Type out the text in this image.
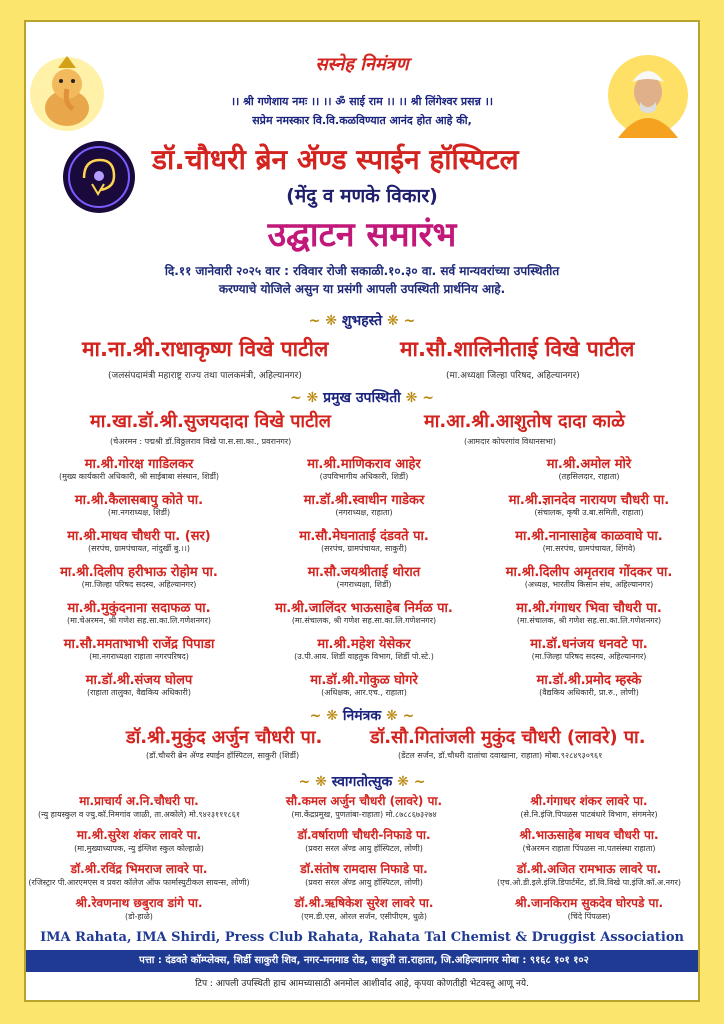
सस्नेह निमंत्रण
।। श्री गणेशाय नमः ।। ।। ॐ साई राम ।। ।। श्री लिंगेश्वर प्रसन्न ।।
सप्रेम नमस्कार वि.वि.कळविण्यात आनंद होत आहे की,
डॉ.चौधरी ब्रेन ॲण्ड स्पाईन हॉस्पिटल
(मेंदु व मणके विकार)
उद्घाटन समारंभ
दि.११ जानेवारी २०२५ वार : रविवार रोजी सकाळी.१०.३० वा. सर्व मान्यवरांच्या उपस्थितीत
करण्याचे योजिले असुन या प्रसंगी आपली उपस्थिती प्रार्थनिय आहे.
~ ❋ शुभहस्ते ❋ ~
मा.ना.श्री.राधाकृष्ण विखे पाटील
(जलसंपदामंत्री महाराष्ट्र राज्य तथा पालकमंत्री, अहिल्यानगर)
मा.सौ.शालिनीताई विखे पाटील
(मा.अध्यक्षा जिल्हा परिषद, अहिल्यानगर)
~ ❋ प्रमुख उपस्थिती ❋ ~
मा.खा.डॉ.श्री.सुजयदादा विखे पाटील
(चेअरमन : पद्मश्री डॉ.विठ्ठलराव विखे पा.स.सा.का., प्रवरानगर)
मा.आ.श्री.आशुतोष दादा काळे
(आमदार कोपरगांव विधानसभा)
मा.श्री.गोरक्ष गाडिलकर
(मुख्य कार्यकारी अधिकारी, श्री साईबाबा संस्थान, शिर्डी)
मा.श्री.माणिकराव आहेर
(उपविभागीय अधिकारी, शिर्डी)
मा.श्री.अमोल मोरे
(तहसिलदार, राहाता)
मा.श्री.कैलासबापु कोते पा.
(मा.नगराध्यक्ष, शिर्डी)
मा.डॉ.श्री.स्वाधीन गाडेकर
(नगराध्यक्ष, राहाता)
मा.श्री.ज्ञानदेव नारायण चौधरी पा.
(संचालक, कृषी उ.बा.समिती, राहाता)
मा.श्री.माधव चौधरी पा. (सर)
(सरपंच, ग्रामपंचायत, नांदुर्खी बु.।।)
मा.सौ.मेघनाताई दंडवते पा.
(सरपंच, ग्रामपंचायत, साकुरी)
मा.श्री.नानासाहेब काळवाघे पा.
(मा.सरपंच, ग्रामपंचायत, शिंगवे)
मा.श्री.दिलीप हरीभाऊ रोहोम पा.
(मा.जिल्हा परिषद सदस्य, अहिल्यानगर)
मा.सौ.जयश्रीताई थोरात
(नगराध्यक्षा, शिर्डी)
मा.श्री.दिलीप अमृतराव गोंदकर पा.
(अध्यक्ष, भारतीय किसान संघ, अहिल्यानगर)
मा.श्री.मुकुंदनाना सदाफळ पा.
(मा.चेअरमन, श्री गणेश सह.सा.का.लि.गणेशनगर)
मा.श्री.जालिंदर भाऊसाहेब निर्मळ पा.
(मा.संचालक, श्री गणेश सह.सा.का.लि.गणेशनगर)
मा.श्री.गंगाधर भिवा चौधरी पा.
(मा.संचालक, श्री गणेश सह.सा.का.लि.गणेशनगर)
मा.सौ.ममताभाभी राजेंद्र पिपाडा
(मा.नगराध्यक्षा राहाता नगरपरिषद)
मा.श्री.महेश येसेकर
(उ.पी.आय. शिर्डी वाहतुक विभाग, शिर्डी पो.स्टे.)
मा.डॉ.धनंजय धनवटे पा.
(मा.जिल्हा परिषद सदस्य, अहिल्यानगर)
मा.डॉ.श्री.संजय घोलप
(राहाता तालुका, वैद्यकिय अधिकारी)
मा.डॉ.श्री.गोकुळ घोगरे
(अधिक्षक, आर.एच., राहाता)
मा.डॉ.श्री.प्रमोद म्हस्के
(वैद्यकिय अधिकारी, प्रा.रु., लोणी)
~ ❋ निमंत्रक ❋ ~
डॉ.श्री.मुकुंद अर्जुन चौधरी पा.
(डॉ.चौधरी ब्रेन ॲण्ड स्पाईन हॉस्पिटल, साकुरी (शिर्डी)
डॉ.सौ.गितांजली मुकुंद चौधरी (लावरे) पा.
(डेंटल सर्जन, डॉ.चौधरी दातांचा दवाखाना, राहाता) मोबा.९२८४९३०९६१
~ ❋ स्वागतोत्सुक ❋ ~
मा.प्राचार्य अ.नि.चौधरी पा.
(न्यु हायस्कुल व ज्यु.कॉ.निमगांव जाळी, ता.अकोले) मो.९४२३१११८६१
सौ.कमल अर्जुन चौधरी (लावरे) पा.
(मा.केंद्रप्रमुख, पुणतांबा-राहाता) मो.८७८८६७३२७४
श्री.गंगाधर शंकर लावरे पा.
(से.नि.इंजि.पिपळस पाटबंधारे विभाग, संगमनेर)
मा.श्री.सुरेश शंकर लावरे पा.
(मा.मुख्याध्यापक, न्यु इंग्लिश स्कुल कोल्हाळे)
डॉ.वर्षाराणी चौधरी-निफाडे पा.
(प्रवरा सरल ॲण्ड आयु हॉस्पिटल, लोणी)
श्री.भाऊसाहेब माधव चौधरी पा.
(चेअरमन राहाता पिंपळस ना.पतसंस्था राहाता)
डॉ.श्री.रविंद्र भिमराज लावरे पा.
(रजिस्ट्रार पी.आरएमएस व प्रवरा कॉलेज ऑफ फार्मास्युटीकल सायन्स, लोणी)
डॉ.संतोष रामदास निफाडे पा.
(प्रवरा सरल ॲण्ड आयु हॉस्पिटल, लोणी)
डॉ.श्री.अजित रामभाऊ लावरे पा.
(एच.ओ.डी.इले.इंजि.डिपार्टमेंट, डॉ.वि.विखे पा.इंजि.कॉ.अ.नगर)
श्री.रेवणनाथ छबुराव डांगे पा.
(डो-हाळे)
डॉ.श्री.ऋषिकेश सुरेश लावरे पा.
(एम.डी.एस, ओरल सर्जन, एसीपीएम, धुळे)
श्री.जानकिराम सुकदेव घोरपडे पा.
(चिंदे पिंपळस)
IMA Rahata, IMA Shirdi, Press Club Rahata, Rahata Tal Chemist & Druggist Association
पत्ता : दंडवते कॉम्प्लेक्स, शिर्डी साकुरी शिव, नगर-मनमाड रोड, साकुरी ता.राहाता, जि.अहिल्यानगर मोबा : ९१६८ १०१ १०२
टिप : आपली उपस्थिती हाच आमच्यासाठी अनमोल आशीर्वाद आहे, कृपया कोणतीही भेटवस्तू आणू नये.
